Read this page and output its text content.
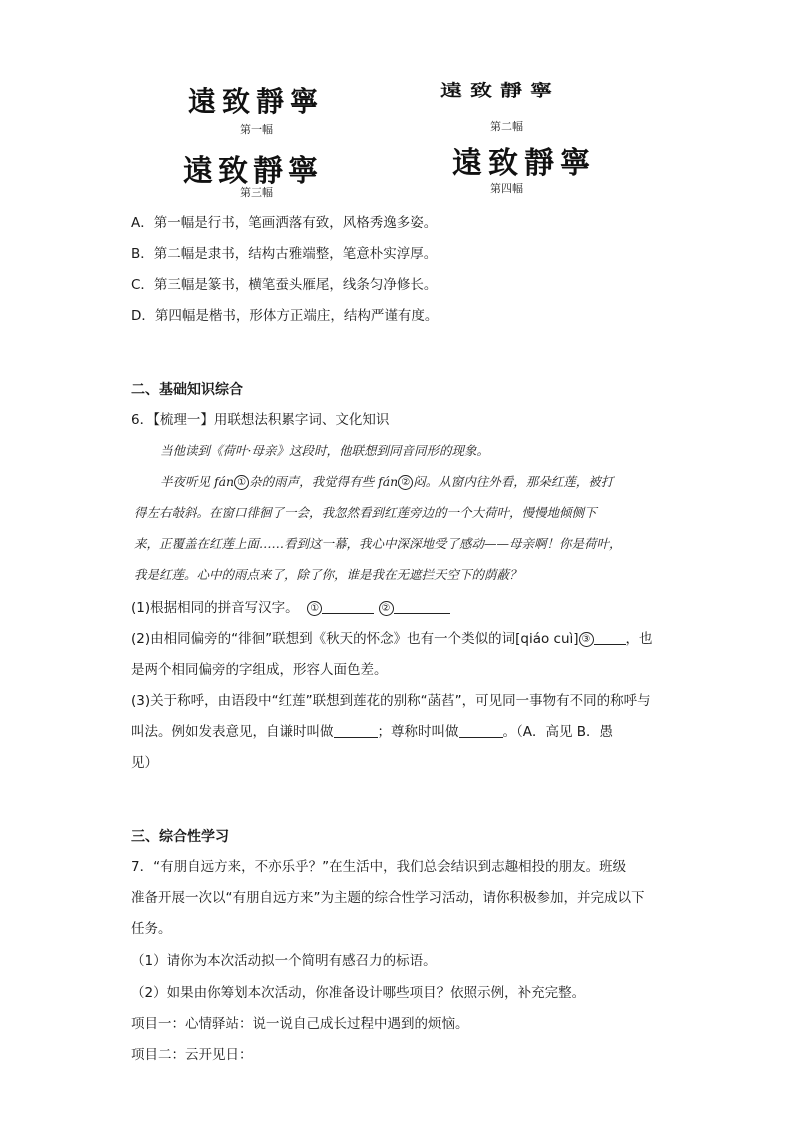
遠致靜寧
第一幅
遠致靜寧
第二幅
遠致靜寧
第三幅
遠致靜寧
第四幅
A．第一幅是行书，笔画洒落有致，风格秀逸多姿。
B．第二幅是隶书，结构古雅端整，笔意朴实淳厚。
C．第三幅是篆书，横笔蚕头雁尾，线条匀净修长。
D．第四幅是楷书，形体方正端庄，结构严谨有度。
二、基础知识综合
6．【梳理一】用联想法积累字词、文化知识
当他读到《荷叶·母亲》这段时，他联想到同音同形的现象。
半夜听见 fán ① 杂的雨声，我觉得有些 fán ② 闷。从窗内往外看，那朵红莲，被打
得左右敧斜。在窗口徘徊了一会，我忽然看到红莲旁边的一个大荷叶，慢慢地倾侧下
来，正覆盖在红莲上面……看到这一幕，我心中深深地受了感动——母亲啊！你是荷叶，
我是红莲。心中的雨点来了，除了你，谁是我在无遮拦天空下的荫蔽？
(1)根据相同的拼音写汉字。 ①	②
(2)由相同偏旁的“徘徊”联想到《秋天的怀念》也有一个类似的词[qiáo cuì] ③	，也
是两个相同偏旁的字组成，形容人面色差。
(3)关于称呼，由语段中“红莲”联想到莲花的别称“菡萏”，可见同一事物有不同的称呼与
叫法。例如发表意见，自谦时叫做	；尊称时叫做	。（A．高见 B．愚
见）
三、综合性学习
7．“有朋自远方来，不亦乐乎？”在生活中，我们总会结识到志趣相投的朋友。班级
准备开展一次以“有朋自远方来”为主题的综合性学习活动，请你积极参加，并完成以下
任务。
（1）请你为本次活动拟一个简明有感召力的标语。
（2）如果由你筹划本次活动，你准备设计哪些项目？依照示例，补充完整。
项目一：心情驿站：说一说自己成长过程中遇到的烦恼。
项目二：云开见日：
